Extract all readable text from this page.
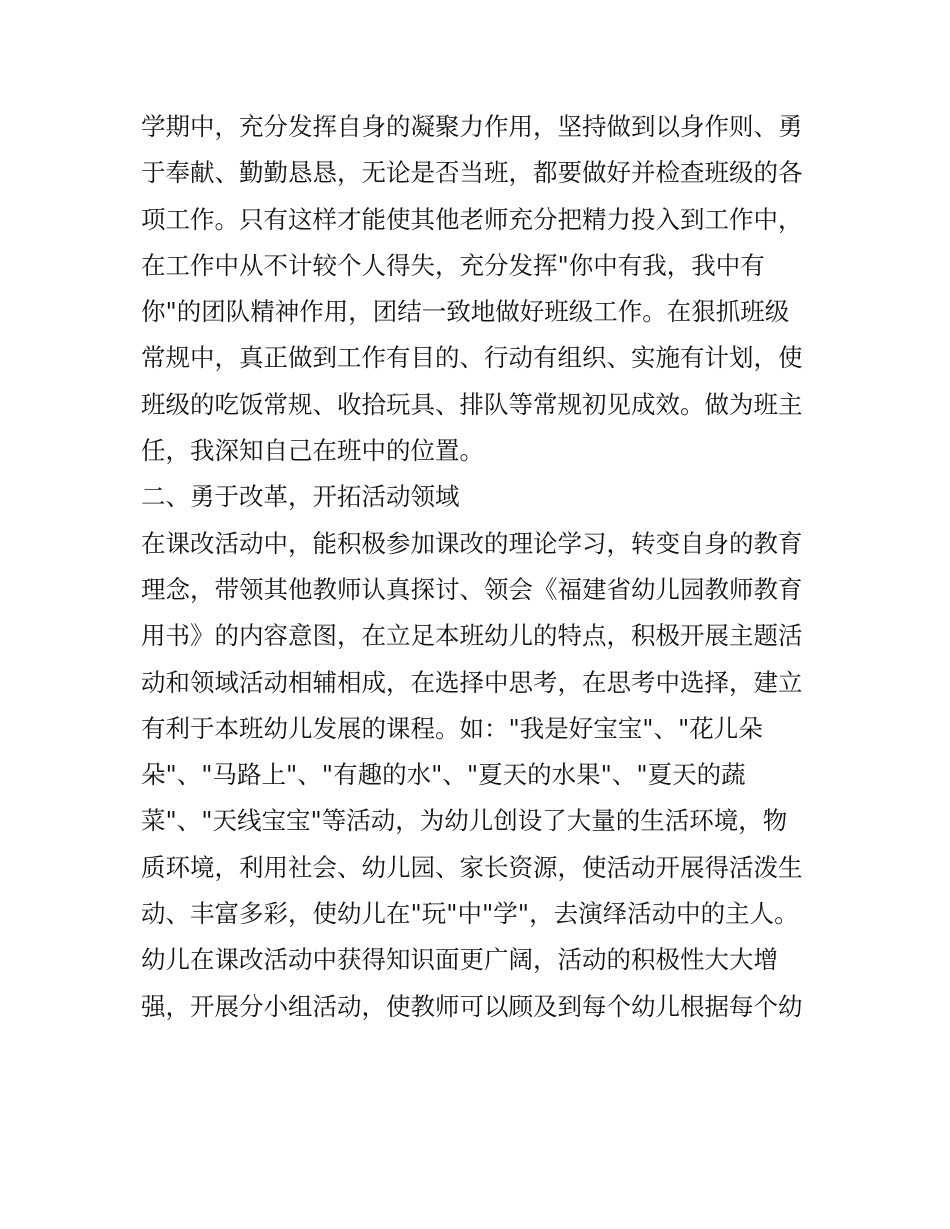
学期中，充分发挥自身的凝聚力作用，坚持做到以身作则、勇
于奉献、勤勤恳恳，无论是否当班，都要做好并检查班级的各
项工作。只有这样才能使其他老师充分把精力投入到工作中，
在工作中从不计较个人得失，充分发挥"你中有我，我中有
你"的团队精神作用，团结一致地做好班级工作。在狠抓班级
常规中，真正做到工作有目的、行动有组织、实施有计划，使
班级的吃饭常规、收拾玩具、排队等常规初见成效。做为班主
任，我深知自己在班中的位置。
二、勇于改革，开拓活动领域
在课改活动中，能积极参加课改的理论学习，转变自身的教育
理念，带领其他教师认真探讨、领会《福建省幼儿园教师教育
用书》的内容意图，在立足本班幼儿的特点，积极开展主题活
动和领域活动相辅相成，在选择中思考，在思考中选择，建立
有利于本班幼儿发展的课程。如："我是好宝宝"、"花儿朵
朵"、"马路上"、"有趣的水"、"夏天的水果"、"夏天的蔬
菜"、"天线宝宝"等活动，为幼儿创设了大量的生活环境，物
质环境，利用社会、幼儿园、家长资源，使活动开展得活泼生
动、丰富多彩，使幼儿在"玩"中"学"，去演绎活动中的主人。
幼儿在课改活动中获得知识面更广阔，活动的积极性大大增
强，开展分小组活动，使教师可以顾及到每个幼儿根据每个幼
